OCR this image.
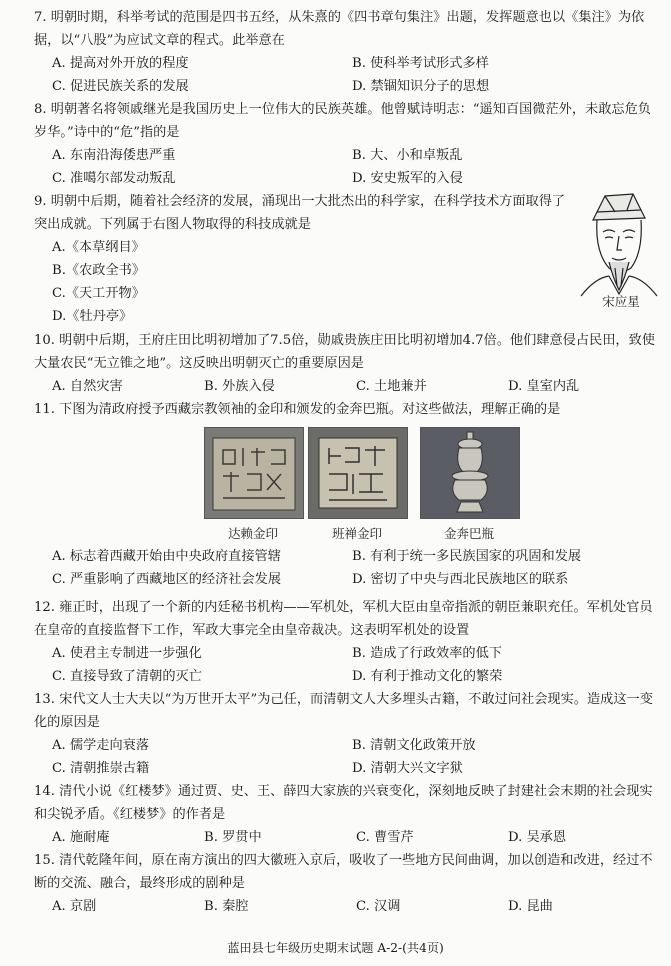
7. 明朝时期，科举考试的范围是四书五经，从朱熹的《四书章句集注》出题，发挥题意也以《集注》为依据，以“八股”为应试文章的程式。此举意在

A. 提高对外开放的程度	B. 使科举考试形式多样
C. 促进民族关系的发展	D. 禁锢知识分子的思想

8. 明朝著名将领戚继光是我国历史上一位伟大的民族英雄。他曾赋诗明志：“遥知百国微茫外，未敢忘危负岁华。”诗中的“危”指的是

A. 东南沿海倭患严重	B. 大、小和卓叛乱
C. 准噶尔部发动叛乱	D. 安史叛军的入侵

9. 明朝中后期，随着社会经济的发展，涌现出一大批杰出的科学家，在科学技术方面取得了突出成就。下列属于右图人物取得的科技成就是

A.《本草纲目》
B.《农政全书》
C.《天工开物》
D.《牡丹亭》
宋应星

10. 明朝中后期，王府庄田比明初增加了7.5倍，勋戚贵族庄田比明初增加4.7倍。他们肆意侵占民田，致使大量农民“无立锥之地”。这反映出明朝灭亡的重要原因是

A. 自然灾害	B. 外族入侵	C. 土地兼并	D. 皇室内乱

11. 下图为清政府授予西藏宗教领袖的金印和颁发的金奔巴瓶。对这些做法，理解正确的是

达赖金印	班禅金印	金奔巴瓶
A. 标志着西藏开始由中央政府直接管辖	B. 有利于统一多民族国家的巩固和发展
C. 严重影响了西藏地区的经济社会发展	D. 密切了中央与西北民族地区的联系

12. 雍正时，出现了一个新的内廷秘书机构——军机处，军机大臣由皇帝指派的朝臣兼职充任。军机处官员在皇帝的直接监督下工作，军政大事完全由皇帝裁决。这表明军机处的设置

A. 使君主专制进一步强化	B. 造成了行政效率的低下
C. 直接导致了清朝的灭亡	D. 有利于推动文化的繁荣

13. 宋代文人士大夫以“为万世开太平”为己任，而清朝文人大多埋头古籍，不敢过问社会现实。造成这一变化的原因是

A. 儒学走向衰落	B. 清朝文化政策开放
C. 清朝推崇古籍	D. 清朝大兴文字狱

14. 清代小说《红楼梦》通过贾、史、王、薛四大家族的兴衰变化，深刻地反映了封建社会末期的社会现实和尖锐矛盾。《红楼梦》的作者是

A. 施耐庵	B. 罗贯中	C. 曹雪芹	D. 吴承恩

15. 清代乾隆年间，原在南方演出的四大徽班入京后，吸收了一些地方民间曲调，加以创造和改进，经过不断的交流、融合，最终形成的剧种是

A. 京剧	B. 秦腔	C. 汉调	D. 昆曲
蓝田县七年级历史期末试题 A-2-(共4页)
